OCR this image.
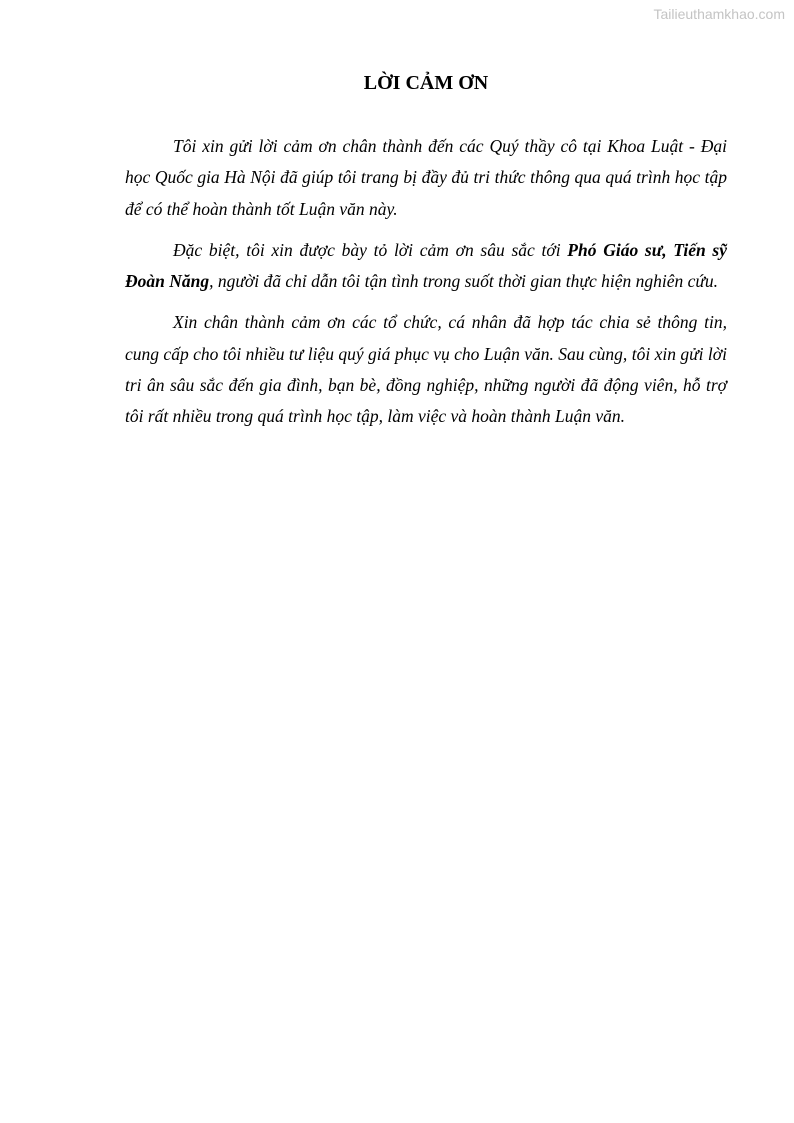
Tailieuthamkhao.com
LỜI CẢM ƠN

Tôi xin gửi lời cảm ơn chân thành đến các Quý thầy cô tại Khoa Luật - Đại học Quốc gia Hà Nội đã giúp tôi trang bị đầy đủ tri thức thông qua quá trình học tập để có thể hoàn thành tốt Luận văn này.

Đặc biệt, tôi xin được bày tỏ lời cảm ơn sâu sắc tới Phó Giáo sư, Tiến sỹ Đoàn Năng, người đã chỉ dẫn tôi tận tình trong suốt thời gian thực hiện nghiên cứu.

Xin chân thành cảm ơn các tổ chức, cá nhân đã hợp tác chia sẻ thông tin, cung cấp cho tôi nhiều tư liệu quý giá phục vụ cho Luận văn. Sau cùng, tôi xin gửi lời tri ân sâu sắc đến gia đình, bạn bè, đồng nghiệp, những người đã động viên, hỗ trợ tôi rất nhiều trong quá trình học tập, làm việc và hoàn thành Luận văn.
